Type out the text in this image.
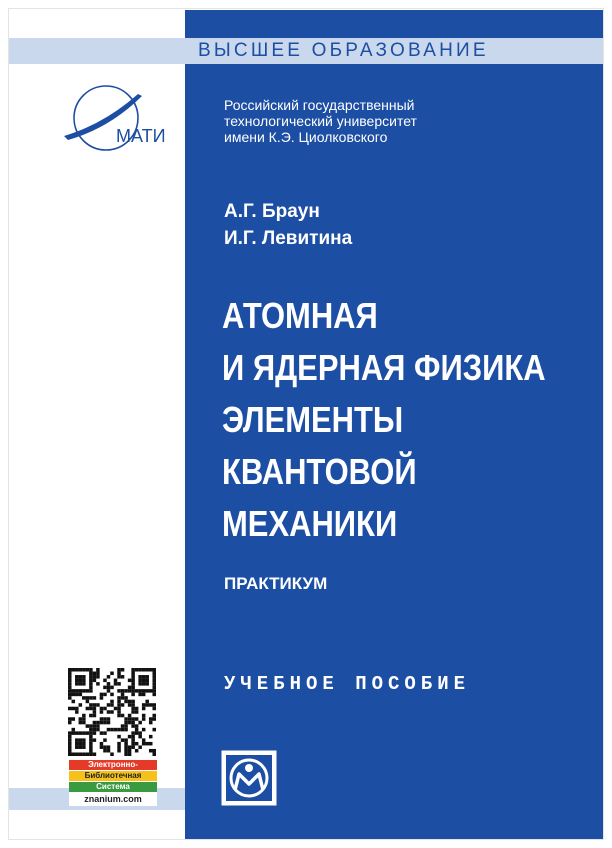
ВЫСШЕЕ ОБРАЗОВАНИЕ
МАТИ
Российский государственный
технологический университет
имени К.Э. Циолковского
А.Г. Браун
И.Г. Левитина
АТОМНАЯ
И ЯДЕРНАЯ ФИЗИКА
ЭЛЕМЕНТЫ
КВАНТОВОЙ
МЕХАНИКИ
ПРАКТИКУМ
УЧЕБНОЕ ПОСОБИЕ
Электронно-
Библиотечная
Система
znanium.com
